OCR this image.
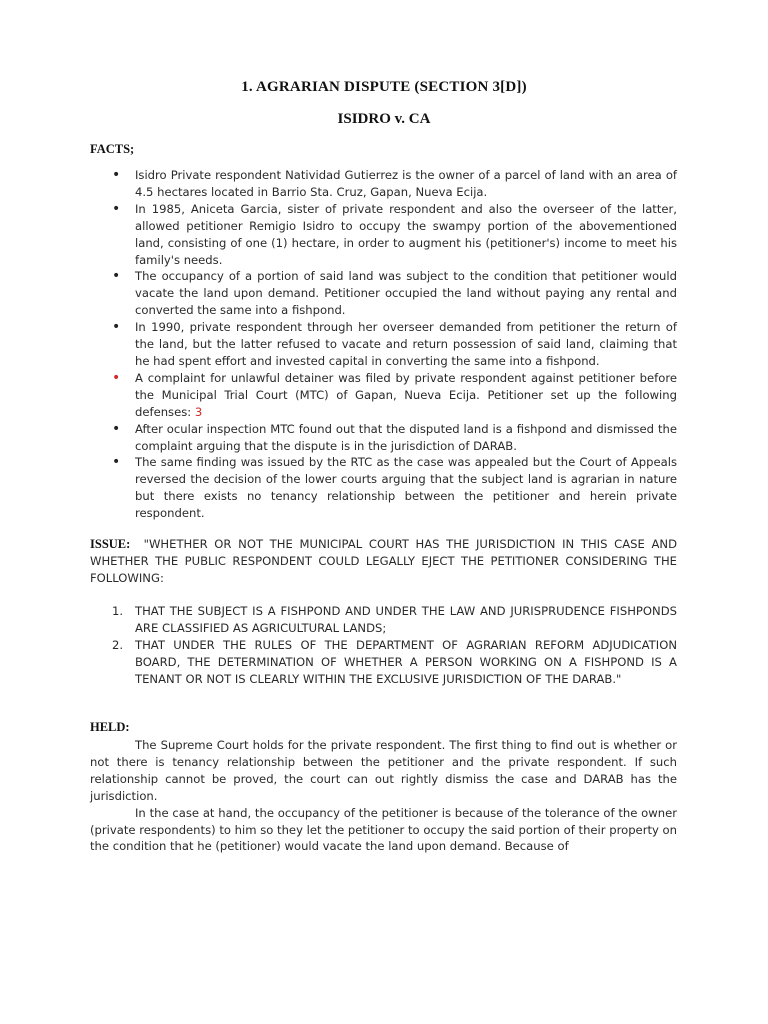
1. AGRARIAN DISPUTE (SECTION 3[D])
ISIDRO v. CA
FACTS;
• Isidro Private respondent Natividad Gutierrez is the owner of a parcel of land with an area of 4.5 hectares located in Barrio Sta. Cruz, Gapan, Nueva Ecija.
• In 1985, Aniceta Garcia, sister of private respondent and also the overseer of the latter, allowed petitioner Remigio Isidro to occupy the swampy portion of the abovementioned land, consisting of one (1) hectare, in order to augment his (petitioner's) income to meet his family's needs.
• The occupancy of a portion of said land was subject to the condition that petitioner would vacate the land upon demand. Petitioner occupied the land without paying any rental and converted the same into a fishpond.
• In 1990, private respondent through her overseer demanded from petitioner the return of the land, but the latter refused to vacate and return possession of said land, claiming that he had spent effort and invested capital in converting the same into a fishpond.
• A complaint for unlawful detainer was filed by private respondent against petitioner before the Municipal Trial Court (MTC) of Gapan, Nueva Ecija. Petitioner set up the following defenses: 3
• After ocular inspection MTC found out that the disputed land is a fishpond and dismissed the complaint arguing that the dispute is in the jurisdiction of DARAB.
• The same finding was issued by the RTC as the case was appealed but the Court of Appeals reversed the decision of the lower courts arguing that the subject land is agrarian in nature but there exists no tenancy relationship between the petitioner and herein private respondent.
ISSUE: "WHETHER OR NOT THE MUNICIPAL COURT HAS THE JURISDICTION IN THIS CASE AND WHETHER THE PUBLIC RESPONDENT COULD LEGALLY EJECT THE PETITIONER CONSIDERING THE FOLLOWING:
1. THAT THE SUBJECT IS A FISHPOND AND UNDER THE LAW AND JURISPRUDENCE FISHPONDS ARE CLASSIFIED AS AGRICULTURAL LANDS;
2. THAT UNDER THE RULES OF THE DEPARTMENT OF AGRARIAN REFORM ADJUDICATION BOARD, THE DETERMINATION OF WHETHER A PERSON WORKING ON A FISHPOND IS A TENANT OR NOT IS CLEARLY WITHIN THE EXCLUSIVE JURISDICTION OF THE DARAB."
HELD:

The Supreme Court holds for the private respondent. The first thing to find out is whether or not there is tenancy relationship between the petitioner and the private respondent. If such relationship cannot be proved, the court can out rightly dismiss the case and DARAB has the jurisdiction.

In the case at hand, the occupancy of the petitioner is because of the tolerance of the owner (private respondents) to him so they let the petitioner to occupy the said portion of their property on the condition that he (petitioner) would vacate the land upon demand. Because of
